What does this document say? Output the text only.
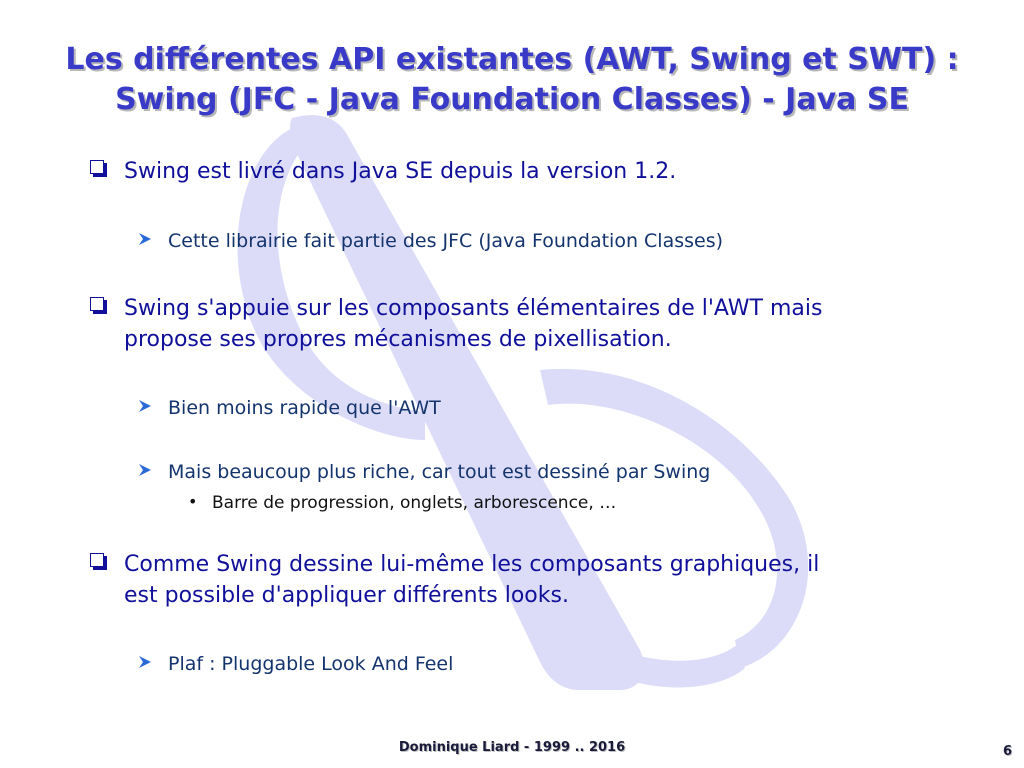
Les différentes API existantes (AWT, Swing et SWT) :
Swing (JFC - Java Foundation Classes) - Java SE
Swing est livré dans Java SE depuis la version 1.2.
Cette librairie fait partie des JFC (Java Foundation Classes)
Swing s'appuie sur les composants élémentaires de l'AWT mais
propose ses propres mécanismes de pixellisation.
Bien moins rapide que l'AWT
Mais beaucoup plus riche, car tout est dessiné par Swing
• Barre de progression, onglets, arborescence, …
Comme Swing dessine lui-même les composants graphiques, il
est possible d'appliquer différents looks.
Plaf : Pluggable Look And Feel
Dominique Liard - 1999 .. 2016	6
